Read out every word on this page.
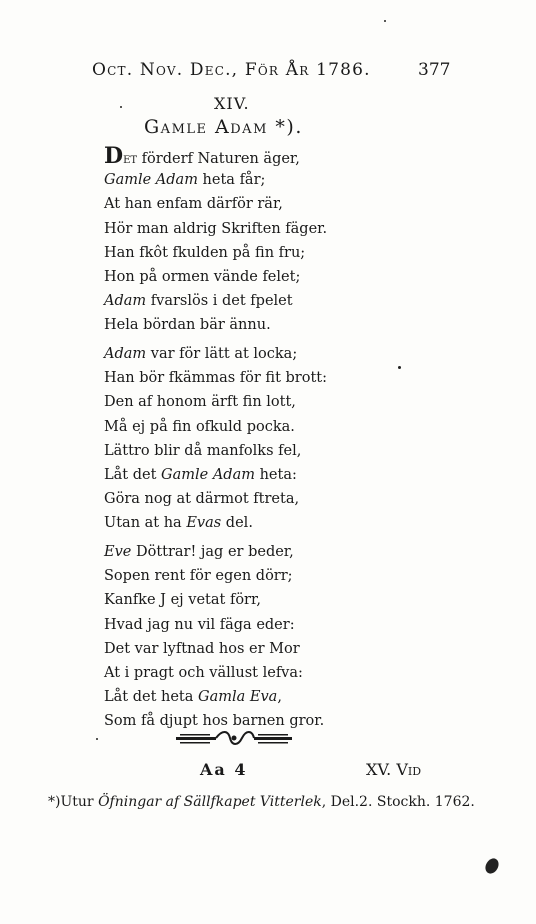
Oct. Nov. Dec., För År 1786.	377
XIV.
Gamle Adam *).
Det förderf Naturen äger,
Gamle Adam heta får;
At han enfam därför rär,
Hör man aldrig Skriften fäger.
Han fkôt fkulden på fin fru;
Hon på ormen vände felet;
Adam fvarslös i det fpelet
Hela bördan bär ännu.
Adam var för lätt at locka;
Han bör fkämmas för fit brott:
Den af honom ärft fin lott,
Må ej på fin ofkuld pocka.
Lättro blir då manfolks fel,
Låt det Gamle Adam heta:
Göra nog at därmot ftreta,
Utan at ha Evas del.
Eve Döttrar! jag er beder,
Sopen rent för egen dörr;
Kanfke J ej vetat förr,
Hvad jag nu vil fäga eder:
Det var lyftnad hos er Mor
At i pragt och vällust lefva:
Låt det heta Gamla Eva,
Som få djupt hos barnen gror.
Aa 4	XV. Vid
*)Utur Öfningar af Sällfkapet Vitterlek, Del.2. Stockh. 1762.
